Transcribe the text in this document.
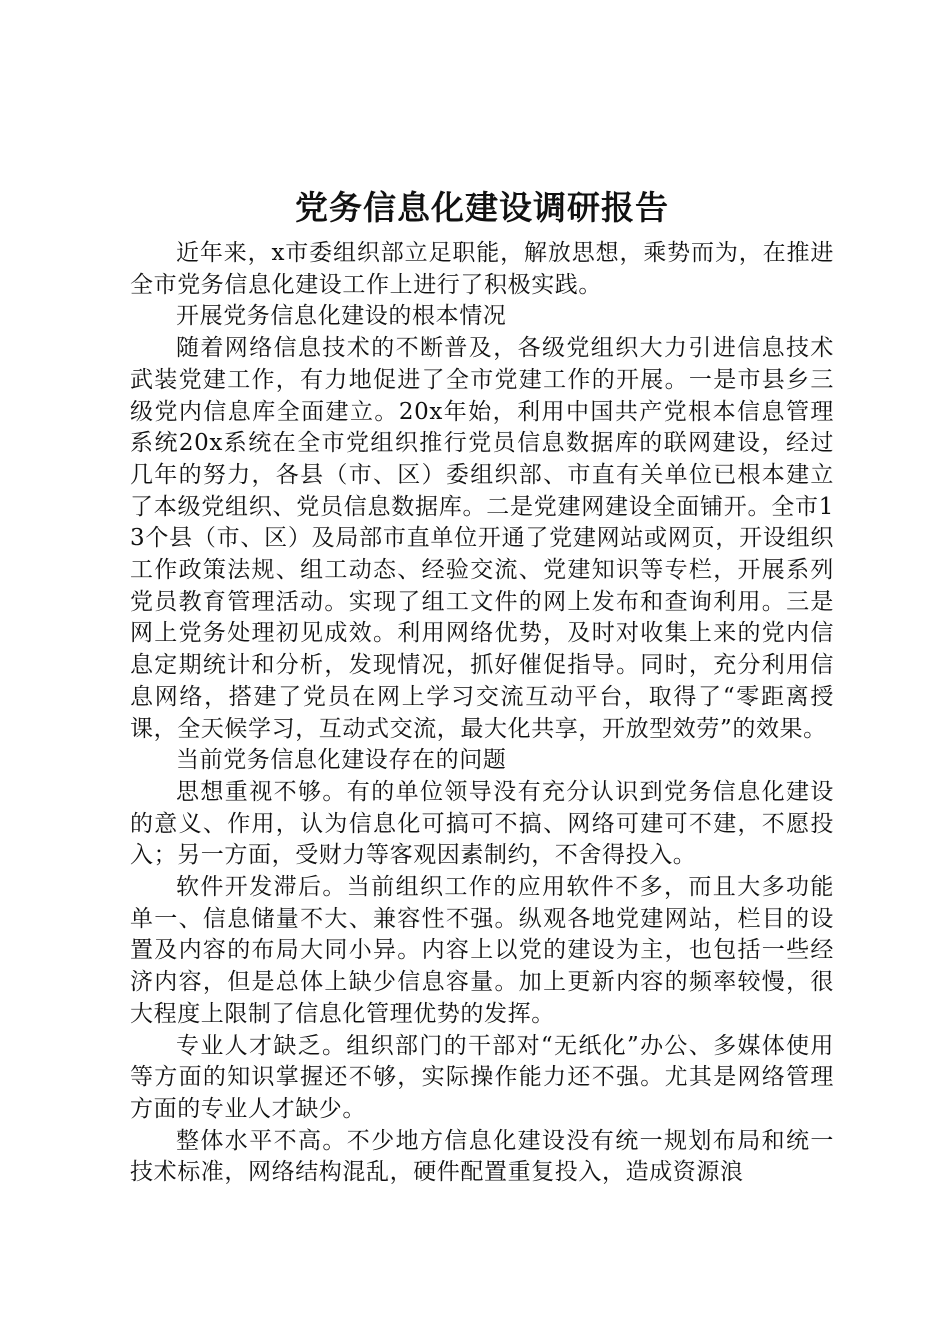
党务信息化建设调研报告

近年来，x市委组织部立足职能，解放思想，乘势而为，在推进全市党务信息化建设工作上进行了积极实践。

开展党务信息化建设的根本情况

随着网络信息技术的不断普及，各级党组织大力引进信息技术武装党建工作，有力地促进了全市党建工作的开展。一是市县乡三级党内信息库全面建立。20x年始，利用中国共产党根本信息管理系统20x系统在全市党组织推行党员信息数据库的联网建设，经过几年的努力，各县（市、区）委组织部、市直有关单位已根本建立了本级党组织、党员信息数据库。二是党建网建设全面铺开。全市13个县（市、区）及局部市直单位开通了党建网站或网页，开设组织工作政策法规、组工动态、经验交流、党建知识等专栏，开展系列党员教育管理活动。实现了组工文件的网上发布和查询利用。三是网上党务处理初见成效。利用网络优势，及时对收集上来的党内信息定期统计和分析，发现情况，抓好催促指导。同时，充分利用信息网络，搭建了党员在网上学习交流互动平台，取得了“零距离授课，全天候学习，互动式交流，最大化共享，开放型效劳”的效果。

当前党务信息化建设存在的问题

思想重视不够。有的单位领导没有充分认识到党务信息化建设的意义、作用，认为信息化可搞可不搞、网络可建可不建，不愿投入；另一方面，受财力等客观因素制约，不舍得投入。

软件开发滞后。当前组织工作的应用软件不多，而且大多功能单一、信息储量不大、兼容性不强。纵观各地党建网站，栏目的设置及内容的布局大同小异。内容上以党的建设为主，也包括一些经济内容，但是总体上缺少信息容量。加上更新内容的频率较慢，很大程度上限制了信息化管理优势的发挥。

专业人才缺乏。组织部门的干部对“无纸化”办公、多媒体使用等方面的知识掌握还不够，实际操作能力还不强。尤其是网络管理方面的专业人才缺少。

整体水平不高。不少地方信息化建设没有统一规划布局和统一技术标准，网络结构混乱，硬件配置重复投入，造成资源浪
